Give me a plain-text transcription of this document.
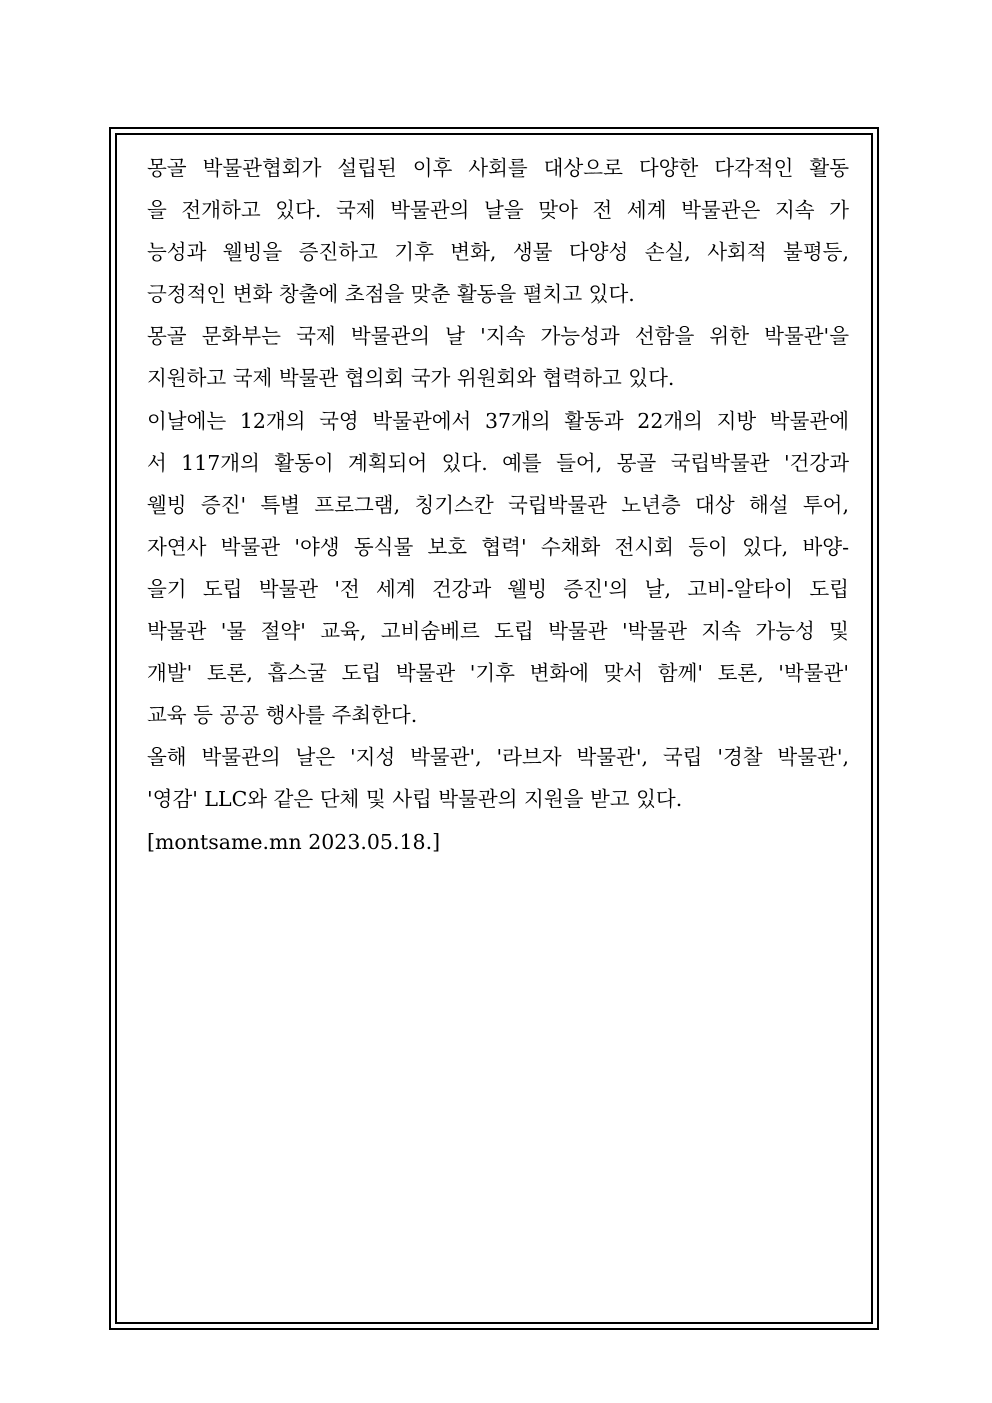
몽골 박물관협회가 설립된 이후 사회를 대상으로 다양한 다각적인 활동
을 전개하고 있다. 국제 박물관의 날을 맞아 전 세계 박물관은 지속 가
능성과 웰빙을 증진하고 기후 변화, 생물 다양성 손실, 사회적 불평등,
긍정적인 변화 창출에 초점을 맞춘 활동을 펼치고 있다.
몽골 문화부는 국제 박물관의 날 '지속 가능성과 선함을 위한 박물관'을
지원하고 국제 박물관 협의회 국가 위원회와 협력하고 있다.
이날에는 12개의 국영 박물관에서 37개의 활동과 22개의 지방 박물관에
서 117개의 활동이 계획되어 있다. 예를 들어, 몽골 국립박물관 '건강과
웰빙 증진' 특별 프로그램, 칭기스칸 국립박물관 노년층 대상 해설 투어,
자연사 박물관 '야생 동식물 보호 협력' 수채화 전시회 등이 있다, 바양-
을기 도립 박물관 '전 세계 건강과 웰빙 증진'의 날, 고비-알타이 도립
박물관 '물 절약' 교육, 고비숨베르 도립 박물관 '박물관 지속 가능성 및
개발' 토론, 흡스굴 도립 박물관 '기후 변화에 맞서 함께' 토론, '박물관'
교육 등 공공 행사를 주최한다.
올해 박물관의 날은 '지성 박물관', '라브자 박물관', 국립 '경찰 박물관',
'영감' LLC와 같은 단체 및 사립 박물관의 지원을 받고 있다.
[montsame.mn 2023.05.18.]
